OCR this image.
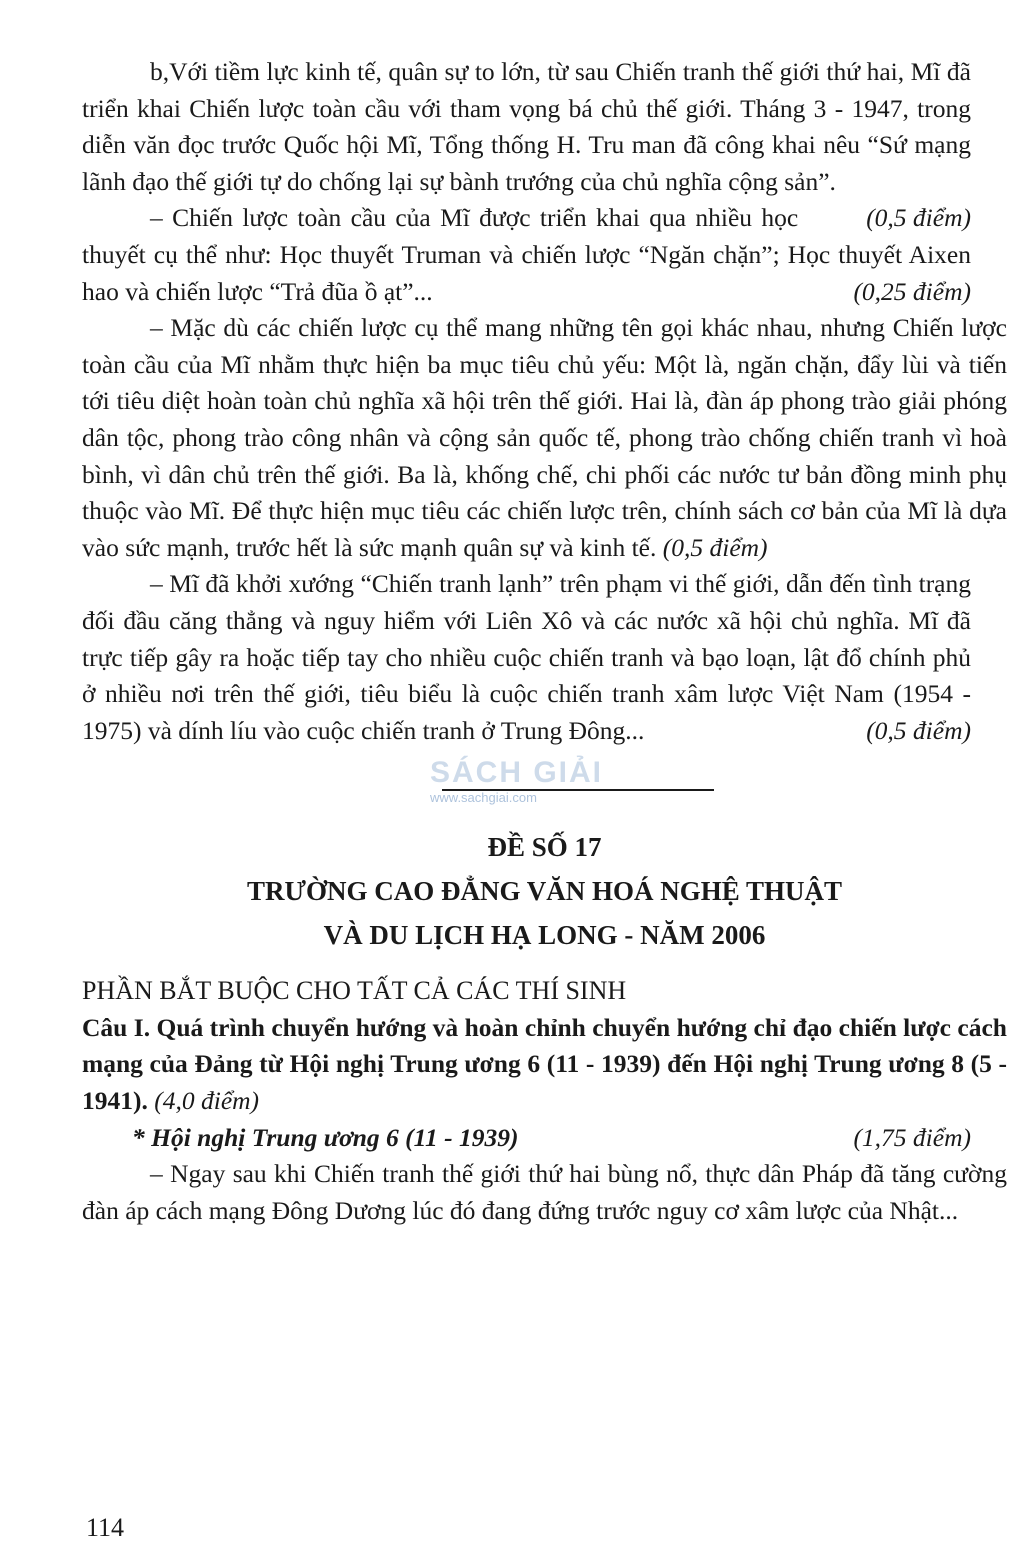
b,Với tiềm lực kinh tế, quân sự to lớn, từ sau Chiến tranh thế giới thứ hai, Mĩ đã triển khai Chiến lược toàn cầu với tham vọng bá chủ thế giới. Tháng 3 - 1947, trong diễn văn đọc trước Quốc hội Mĩ, Tổng thống H. Tru man đã công khai nêu “Sứ mạng lãnh đạo thế giới tự do chống lại sự bành trướng của chủ nghĩa cộng sản”.
(0,5 điểm)

– Chiến lược toàn cầu của Mĩ được triển khai qua nhiều học thuyết cụ thể như: Học thuyết Truman và chiến lược “Ngăn chặn”; Học thuyết Aixen hao và chiến lược “Trả đũa ồ ạt”...	(0,25 điểm)

– Mặc dù các chiến lược cụ thể mang những tên gọi khác nhau, nhưng Chiến lược toàn cầu của Mĩ nhằm thực hiện ba mục tiêu chủ yếu: Một là, ngăn chặn, đẩy lùi và tiến tới tiêu diệt hoàn toàn chủ nghĩa xã hội trên thế giới. Hai là, đàn áp phong trào giải phóng dân tộc, phong trào công nhân và cộng sản quốc tế, phong trào chống chiến tranh vì hoà bình, vì dân chủ trên thế giới. Ba là, khống chế, chi phối các nước tư bản đồng minh phụ thuộc vào Mĩ. Để thực hiện mục tiêu các chiến lược trên, chính sách cơ bản của Mĩ là dựa vào sức mạnh, trước hết là sức mạnh quân sự và kinh tế. (0,5 điểm)

– Mĩ đã khởi xướng “Chiến tranh lạnh” trên phạm vi thế giới, dẫn đến tình trạng đối đầu căng thẳng và nguy hiểm với Liên Xô và các nước xã hội chủ nghĩa. Mĩ đã trực tiếp gây ra hoặc tiếp tay cho nhiều cuộc chiến tranh và bạo loạn, lật đổ chính phủ ở nhiều nơi trên thế giới, tiêu biểu là cuộc chiến tranh xâm lược Việt Nam (1954 - 1975) và dính líu vào cuộc chiến tranh ở Trung Đông...	(0,5 điểm)

ĐỀ SỐ 17
TRƯỜNG CAO ĐẲNG VĂN HOÁ NGHỆ THUẬT
VÀ DU LỊCH HẠ LONG - NĂM 2006

PHẦN BẮT BUỘC CHO TẤT CẢ CÁC THÍ SINH

Câu I. Quá trình chuyển hướng và hoàn chỉnh chuyển hướng chỉ đạo chiến lược cách mạng của Đảng từ Hội nghị Trung ương 6 (11 - 1939) đến Hội nghị Trung ương 8 (5 - 1941). (4,0 điểm)

* Hội nghị Trung ương 6 (11 - 1939)	(1,75 điểm)

– Ngay sau khi Chiến tranh thế giới thứ hai bùng nổ, thực dân Pháp đã tăng cường đàn áp cách mạng Đông Dương lúc đó đang đứng trước nguy cơ xâm lược của Nhật...

SÁCH GIẢI
www.sachgiai.com
114
